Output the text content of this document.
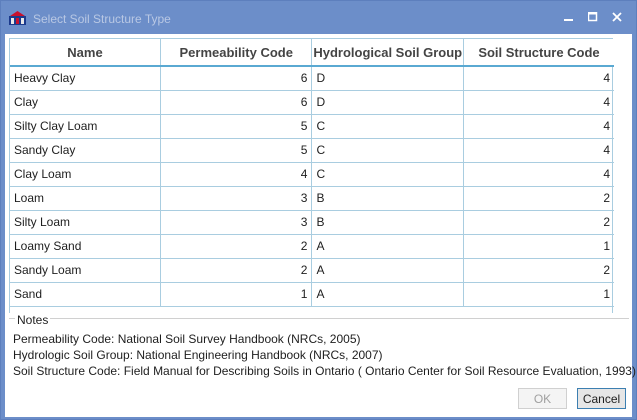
Select Soil Structure Type
Name	Permeability Code	Hydrological Soil Group	Soil Structure Code
Heavy Clay	6	D	4
Clay	6	D	4
Silty Clay Loam	5	C	4
Sandy Clay	5	C	4
Clay Loam	4	C	4
Loam	3	B	2
Silty Loam	3	B	2
Loamy Sand	2	A	1
Sandy Loam	2	A	2
Sand	1	A	1
Notes
Permeability Code: National Soil Survey Handbook (NRCs, 2005)
Hydrologic Soil Group: National Engineering Handbook (NRCs, 2007)
Soil Structure Code: Field Manual for Describing Soils in Ontario ( Ontario Center for Soil Resource Evaluation, 1993)
OK	Cancel
